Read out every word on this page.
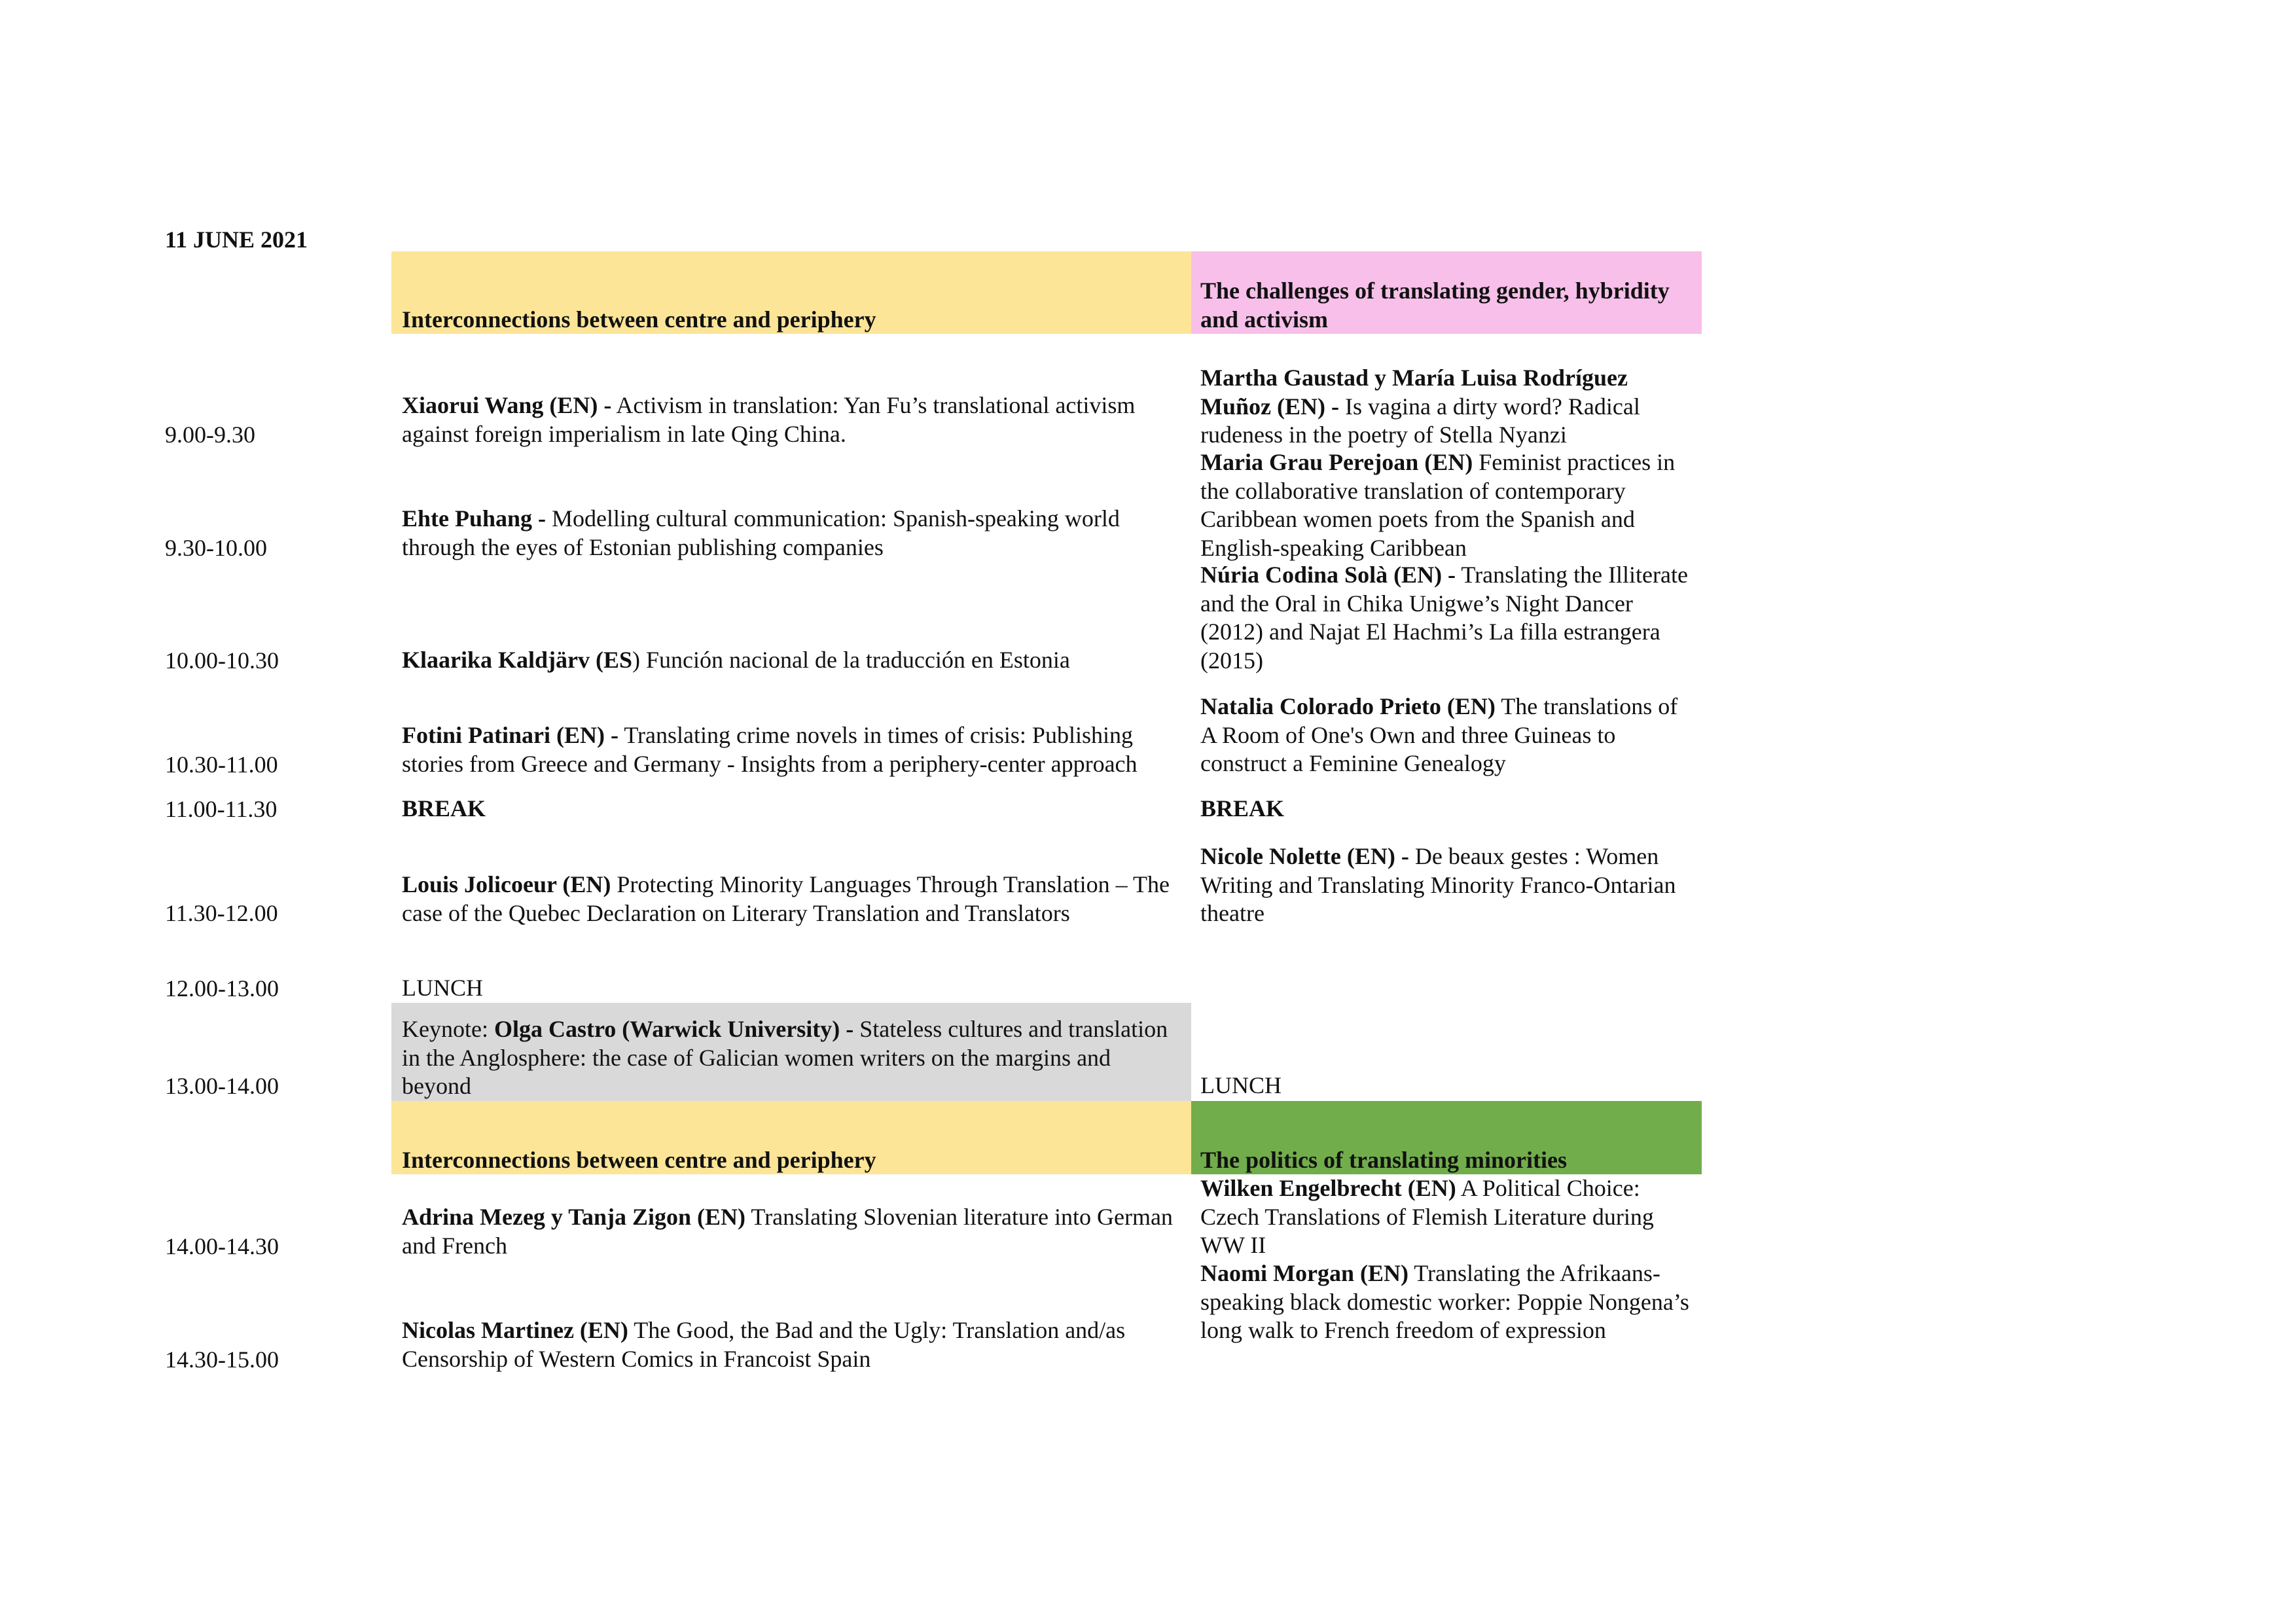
11 JUNE 2021
Interconnections between centre and periphery
The challenges of translating gender, hybridity and activism
9.00-9.30
9.30-10.00
10.00-10.30
10.30-11.00
11.00-11.30
11.30-12.00
12.00-13.00
13.00-14.00
14.00-14.30
14.30-15.00
Xiaorui Wang (EN) - Activism in translation: Yan Fu’s translational activism against foreign imperialism in late Qing China.
Ehte Puhang - Modelling cultural communication: Spanish-speaking world through the eyes of Estonian publishing companies
Klaarika Kaldjärv (ES) Función nacional de la traducción en Estonia
Fotini Patinari (EN) - Translating crime novels in times of crisis: Publishing stories from Greece and Germany - Insights from a periphery-center approach
BREAK
Louis Jolicoeur (EN) Protecting Minority Languages Through Translation – The case of the Quebec Declaration on Literary Translation and Translators
LUNCH
Keynote: Olga Castro (Warwick University) - Stateless cultures and translation in the Anglosphere: the case of Galician women writers on the margins and beyond
Interconnections between centre and periphery	The politics of translating minorities
Adrina Mezeg y Tanja Zigon (EN) Translating Slovenian literature into German and French
Nicolas Martinez (EN) The Good, the Bad and the Ugly: Translation and/as Censorship of Western Comics in Francoist Spain
Martha Gaustad y María Luisa Rodríguez Muñoz (EN) - Is vagina a dirty word? Radical rudeness in the poetry of Stella Nyanzi
Maria Grau Perejoan (EN) Feminist practices in the collaborative translation of contemporary Caribbean women poets from the Spanish and English-speaking Caribbean
Núria Codina Solà (EN) - Translating the Illiterate and the Oral in Chika Unigwe’s Night Dancer (2012) and Najat El Hachmi’s La filla estrangera (2015)
Natalia Colorado Prieto (EN) The translations of A Room of One's Own and three Guineas to construct a Feminine Genealogy
BREAK
Nicole Nolette (EN) - De beaux gestes : Women Writing and Translating Minority Franco-Ontarian theatre
LUNCH
Wilken Engelbrecht (EN) A Political Choice: Czech Translations of Flemish Literature during WW II
Naomi Morgan (EN) Translating the Afrikaans-speaking black domestic worker: Poppie Nongena’s long walk to French freedom of expression
